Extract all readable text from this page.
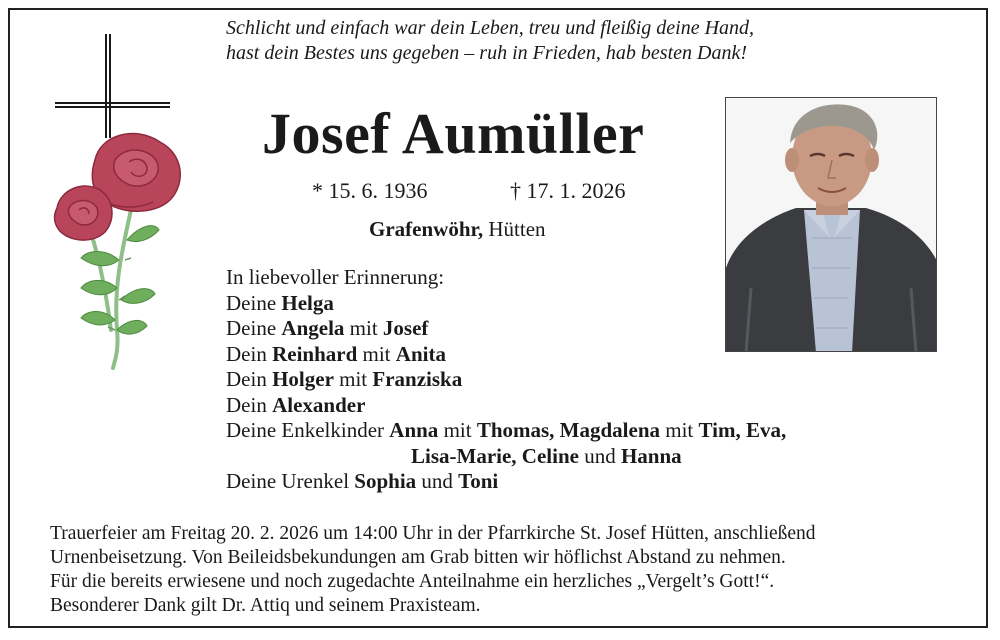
Schlicht und einfach war dein Leben, treu und fleißig deine Hand,
hast dein Bestes uns gegeben – ruh in Frieden, hab besten Dank!
Josef Aumüller
* 15. 6. 1936	† 17. 1. 2026
Grafenwöhr, Hütten
In liebevoller Erinnerung:
Deine Helga
Deine Angela mit Josef
Dein Reinhard mit Anita
Dein Holger mit Franziska
Dein Alexander
Deine Enkelkinder Anna mit Thomas, Magdalena mit Tim, Eva,
Lisa-Marie, Celine und Hanna
Deine Urenkel Sophia und Toni
Trauerfeier am Freitag 20. 2. 2026 um 14:00 Uhr in der Pfarrkirche St. Josef Hütten, anschließend
Urnenbeisetzung. Von Beileidsbekundungen am Grab bitten wir höflichst Abstand zu nehmen.
Für die bereits erwiesene und noch zugedachte Anteilnahme ein herzliches „Vergelt’s Gott!“.
Besonderer Dank gilt Dr. Attiq und seinem Praxisteam.
